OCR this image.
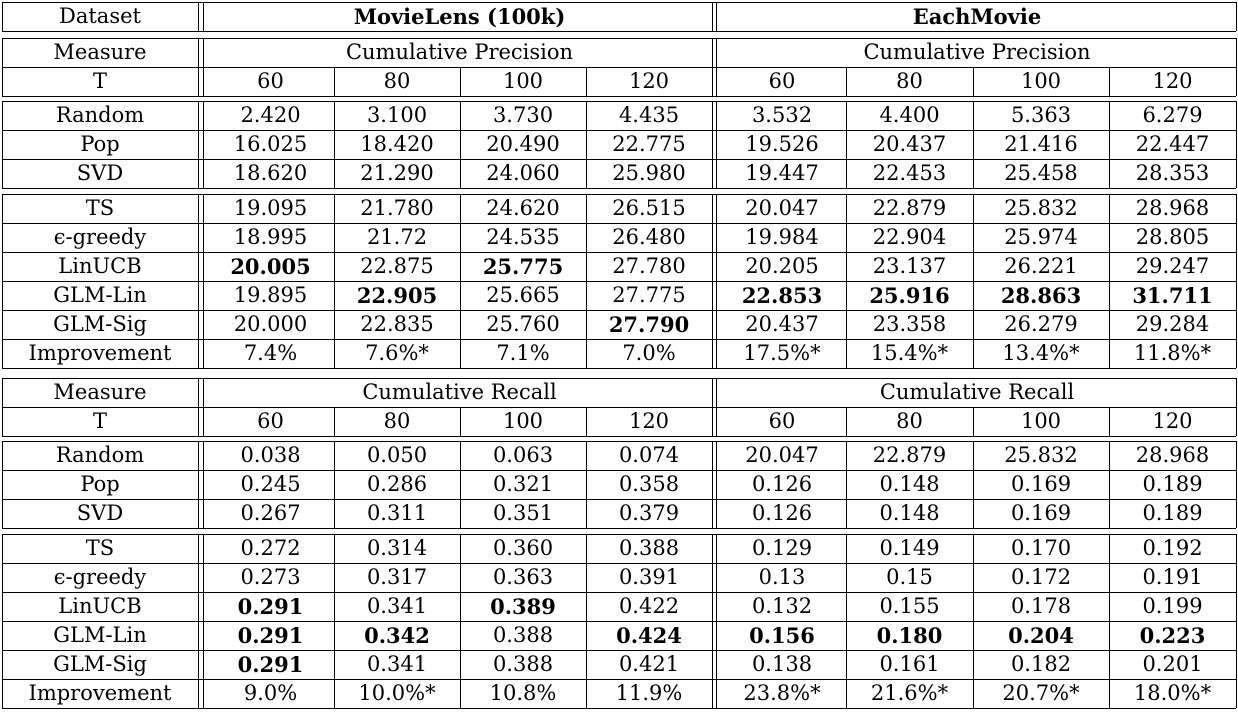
Dataset	MovieLens (100k)	EachMovie
Measure	Cumulative Precision	Cumulative Precision
T	60	80	100	120	60	80	100	120
Random	2.420	3.100	3.730	4.435	3.532	4.400	5.363	6.279
Pop	16.025	18.420	20.490	22.775	19.526	20.437	21.416	22.447
SVD	18.620	21.290	24.060	25.980	19.447	22.453	25.458	28.353
TS	19.095	21.780	24.620	26.515	20.047	22.879	25.832	28.968
ϵ-greedy	18.995	21.72	24.535	26.480	19.984	22.904	25.974	28.805
LinUCB	20.005	22.875	25.775	27.780	20.205	23.137	26.221	29.247
GLM-Lin	19.895	22.905	25.665	27.775	22.853	25.916	28.863	31.711
GLM-Sig	20.000	22.835	25.760	27.790	20.437	23.358	26.279	29.284
Improvement	7.4%	7.6%*	7.1%	7.0%	17.5%*	15.4%*	13.4%*	11.8%*
Measure	Cumulative Recall	Cumulative Recall
T	60	80	100	120	60	80	100	120
Random	0.038	0.050	0.063	0.074	20.047	22.879	25.832	28.968
Pop	0.245	0.286	0.321	0.358	0.126	0.148	0.169	0.189
SVD	0.267	0.311	0.351	0.379	0.126	0.148	0.169	0.189
TS	0.272	0.314	0.360	0.388	0.129	0.149	0.170	0.192
ϵ-greedy	0.273	0.317	0.363	0.391	0.13	0.15	0.172	0.191
LinUCB	0.291	0.341	0.389	0.422	0.132	0.155	0.178	0.199
GLM-Lin	0.291	0.342	0.388	0.424	0.156	0.180	0.204	0.223
GLM-Sig	0.291	0.341	0.388	0.421	0.138	0.161	0.182	0.201
Improvement	9.0%	10.0%*	10.8%	11.9%	23.8%*	21.6%*	20.7%*	18.0%*
